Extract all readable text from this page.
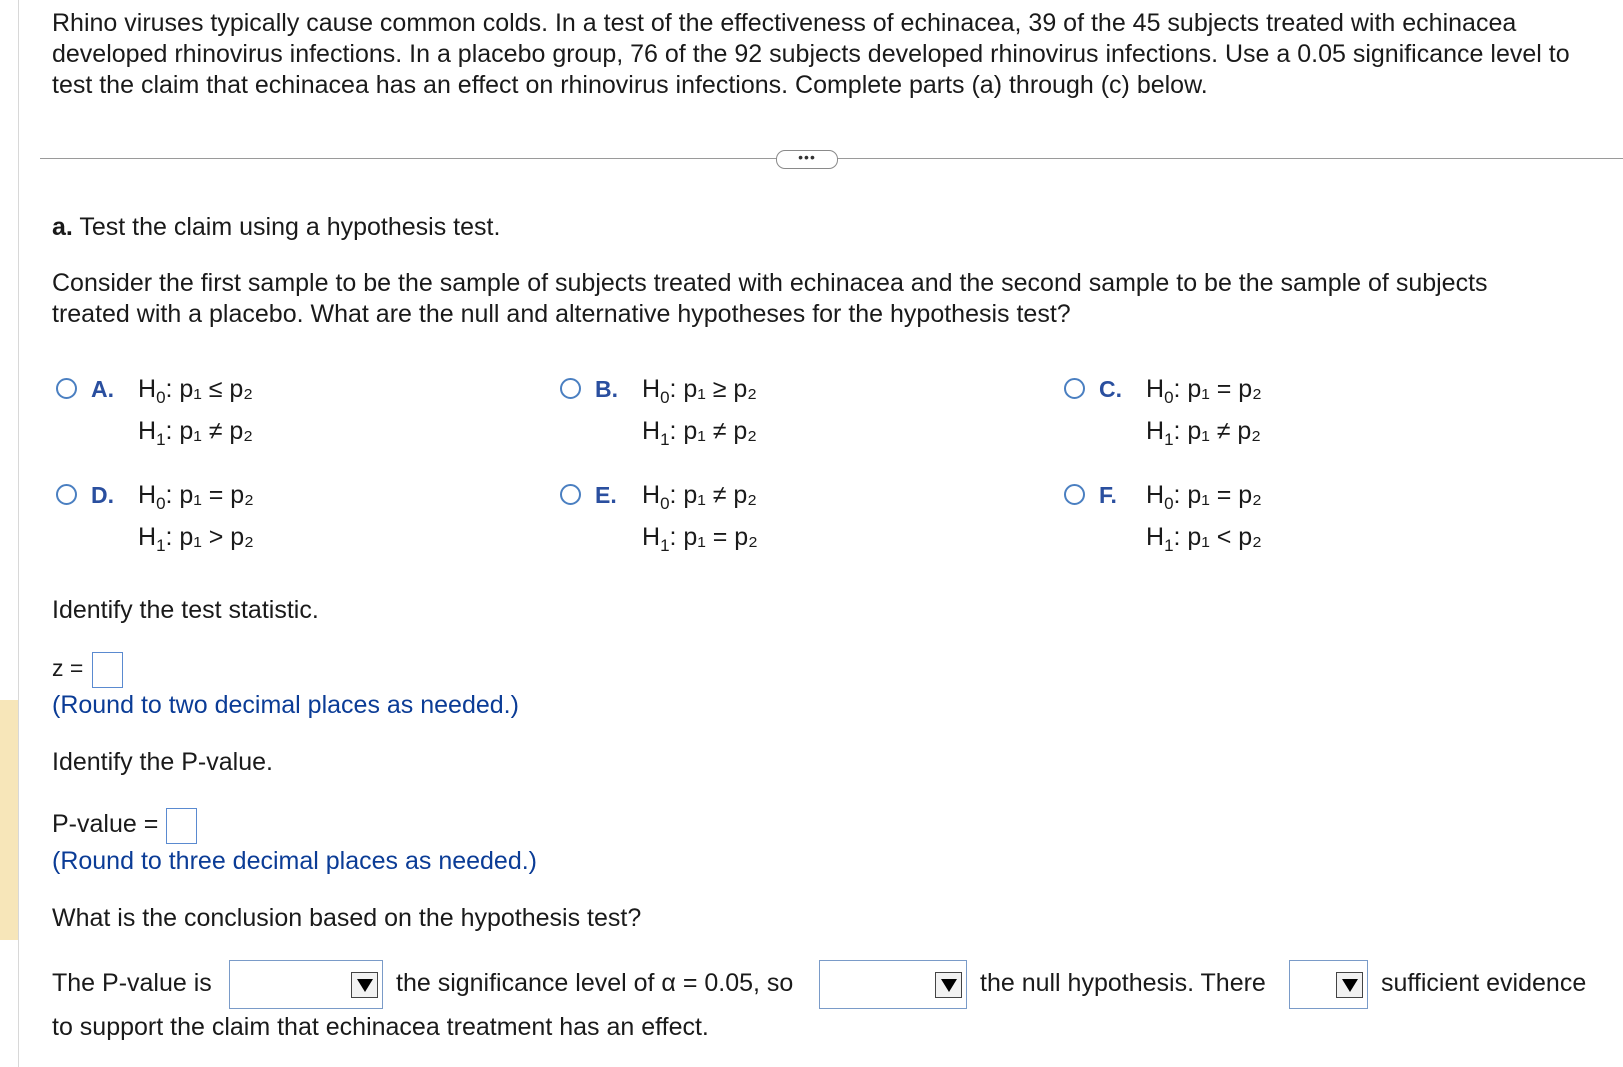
Rhino viruses typically cause common colds. In a test of the effectiveness of echinacea, 39 of the 45 subjects treated with echinacea developed rhinovirus infections. In a placebo group, 76 of the 92 subjects developed rhinovirus infections. Use a 0.05 significance level to test the claim that echinacea has an effect on rhinovirus infections. Complete parts (a) through (c) below.
•••
a. Test the claim using a hypothesis test.
Consider the first sample to be the sample of subjects treated with echinacea and the second sample to be the sample of subjects treated with a placebo. What are the null and alternative hypotheses for the hypothesis test?
A. $H_0$: p₁ ≤ p₂
$H_1$: p₁ ≠ p₂
B. $H_0$: p₁ ≥ p₂
$H_1$: p₁ ≠ p₂
C. $H_0$: p₁ = p₂
$H_1$: p₁ ≠ p₂
D. $H_0$: p₁ = p₂
$H_1$: p₁ > p₂
E. $H_0$: p₁ ≠ p₂
$H_1$: p₁ = p₂
F. $H_0$: p₁ = p₂
$H_1$: p₁ < p₂
Identify the test statistic.
z =
(Round to two decimal places as needed.)
Identify the P-value.
P-value =
(Round to three decimal places as needed.)
What is the conclusion based on the hypothesis test?
The P-value is	the significance level of α = 0.05, so	the null hypothesis. There	sufficient evidence
to support the claim that echinacea treatment has an effect.
